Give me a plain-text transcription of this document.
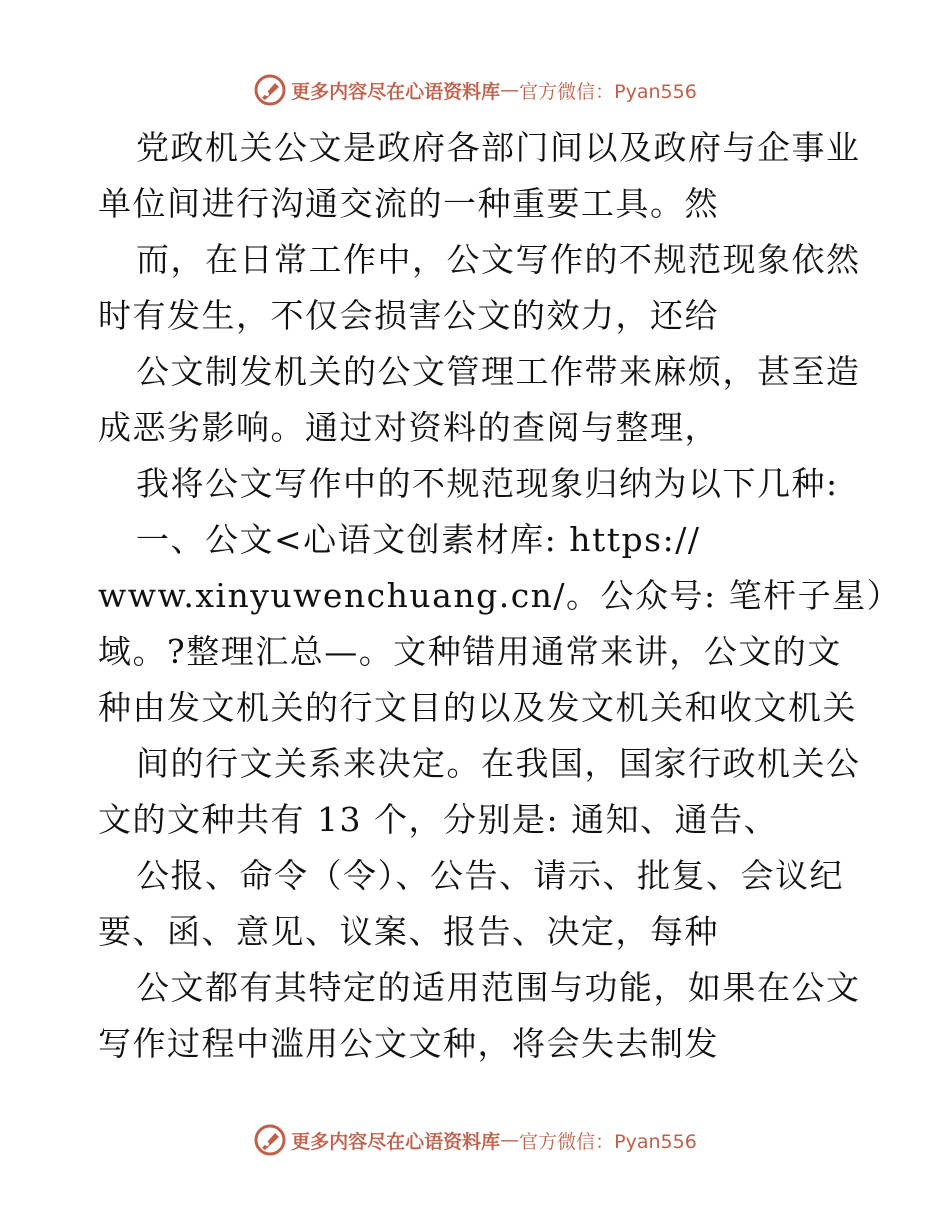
更多内容尽在心语资料库 — 官方微信：Pyan556
党政机关公文是政府各部门间以及政府与企事业
单位间进行沟通交流的一种重要工具。然
而，在日常工作中，公文写作的不规范现象依然
时有发生，不仅会损害公文的效力，还给
公文制发机关的公文管理工作带来麻烦，甚至造
成恶劣影响。通过对资料的查阅与整理，
我将公文写作中的不规范现象归纳为以下几种:
一、公文<心语文创素材库: https://
www.xinyuwenchuang.cn/。公众号: 笔杆子星）
域。?整理汇总—。文种错用通常来讲，公文的文
种由发文机关的行文目的以及发文机关和收文机关
间的行文关系来决定。在我国，国家行政机关公
文的文种共有 13 个，分别是: 通知、通告、
公报、命令（令）、公告、请示、批复、会议纪
要、函、意见、议案、报告、决定，每种
公文都有其特定的适用范围与功能，如果在公文
写作过程中滥用公文文种，将会失去制发
更多内容尽在心语资料库 — 官方微信：Pyan556
